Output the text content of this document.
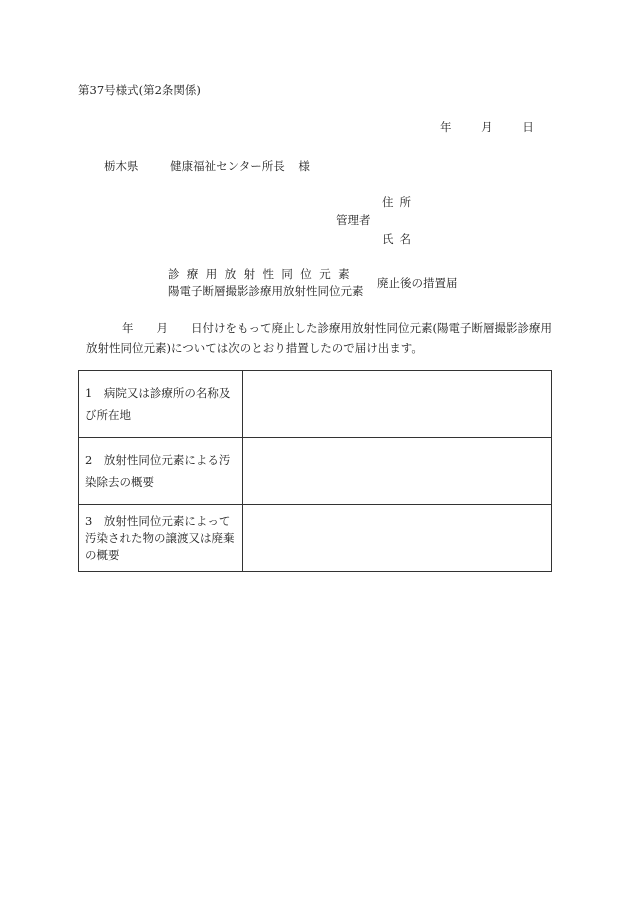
第37号様式(第2条関係)
年	月	日
栃木県	健康福祉センター所長 様
住所
管理者
氏名
診療用放射性同位元素
陽電子断層撮影診療用放射性同位元素
廃止後の措置届
年　　月　　日付けをもって廃止した診療用放射性同位元素(陽電子断層撮影診療用放射性同位元素)については次のとおり措置したので届け出ます。
1　病院又は診療所の名称及び所在地	
2　放射性同位元素による汚染除去の概要	
3　放射性同位元素によって汚染された物の譲渡又は廃棄の概要	
